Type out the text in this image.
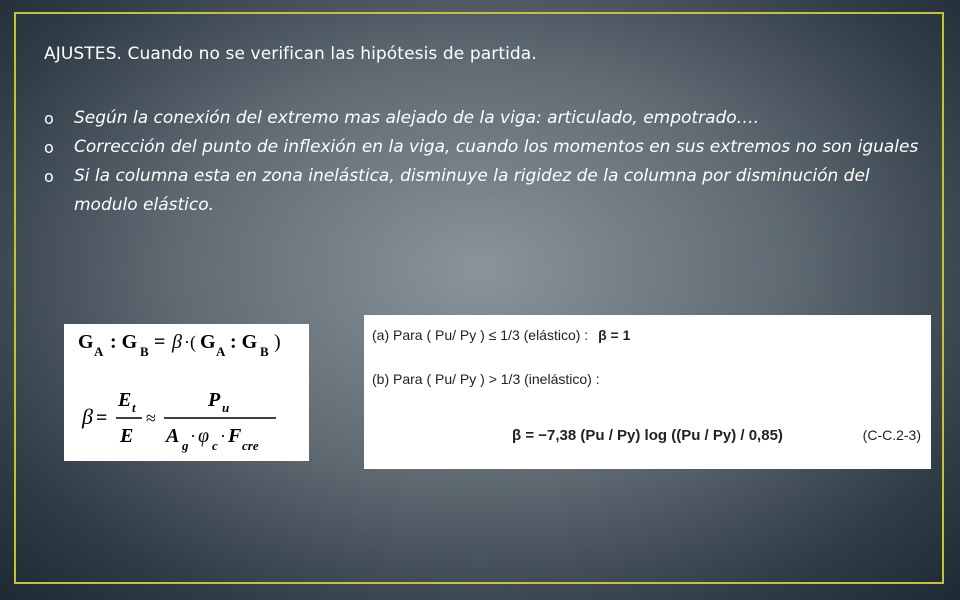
AJUSTES. Cuando no se verifican las hipótesis de partida.
o Según la conexión del extremo mas alejado de la viga: articulado, empotrado….
o Corrección del punto de inflexión en la viga, cuando los momentos en sus extremos no son iguales
o Si la columna esta en zona inelástica, disminuye la rigidez de la columna por disminución del modulo elástico.
G A : G B = β ·( G A : G B )
β =
E t
E
≈
P u
A g · φ c · F cre
(a) Para ( Pu/ Py ) ≤ 1/3 (elástico) : β = 1
(b) Para ( Pu/ Py ) > 1/3 (inelástico) :
β = −7,38 (Pu / Py) log ((Pu / Py) / 0,85)	(C-C.2-3)
